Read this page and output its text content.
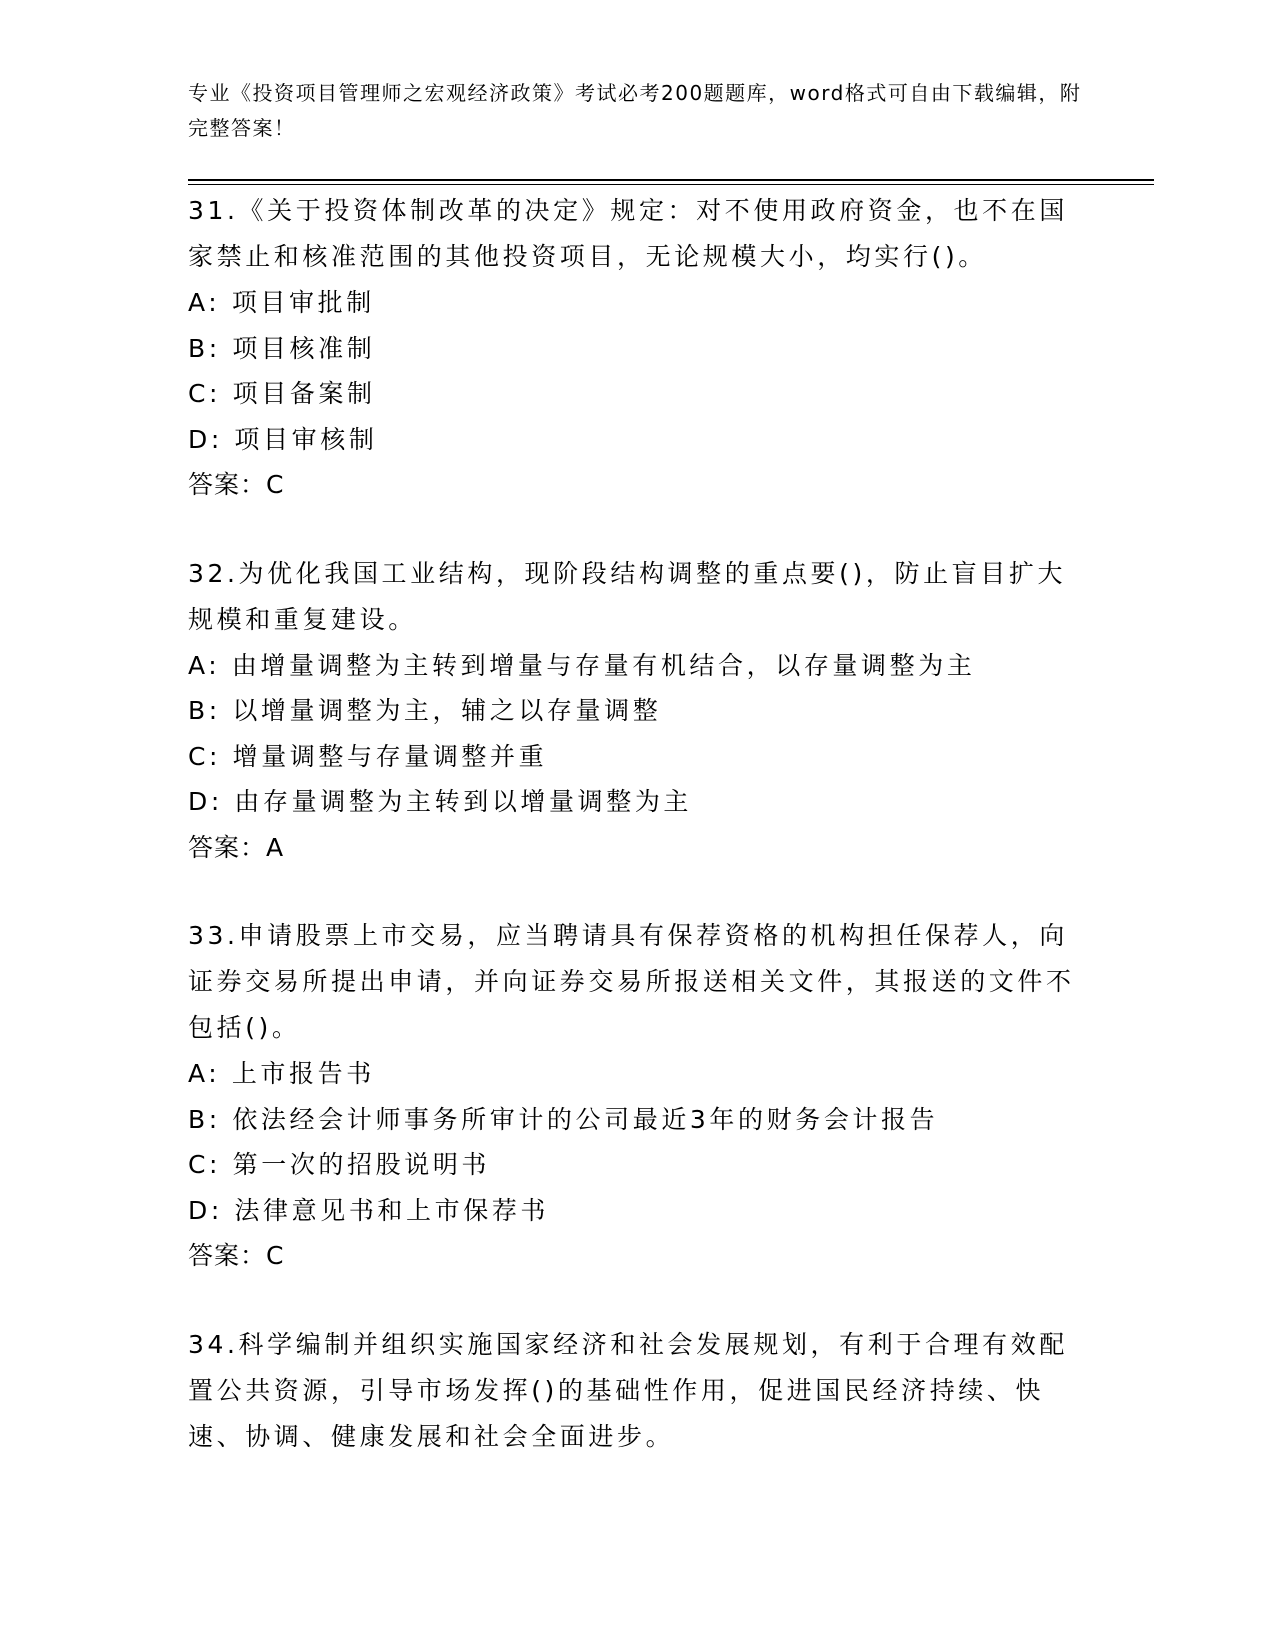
专业《投资项目管理师之宏观经济政策》考试必考200题题库，word格式可自由下载编辑，附完整答案！

31.《关于投资体制改革的决定》规定：对不使用政府资金，也不在国家禁止和核准范围的其他投资项目，无论规模大小，均实行()。

A: 项目审批制

B: 项目核准制

C: 项目备案制

D: 项目审核制

答案：C

32.为优化我国工业结构，现阶段结构调整的重点要()，防止盲目扩大规模和重复建设。

A: 由增量调整为主转到增量与存量有机结合，以存量调整为主

B: 以增量调整为主，辅之以存量调整

C: 增量调整与存量调整并重

D: 由存量调整为主转到以增量调整为主

答案：A

33.申请股票上市交易，应当聘请具有保荐资格的机构担任保荐人，向证券交易所提出申请，并向证券交易所报送相关文件，其报送的文件不包括()。

A: 上市报告书

B: 依法经会计师事务所审计的公司最近3年的财务会计报告

C: 第一次的招股说明书

D: 法律意见书和上市保荐书

答案：C

34.科学编制并组织实施国家经济和社会发展规划，有利于合理有效配置公共资源，引导市场发挥()的基础性作用，促进国民经济持续、快速、协调、健康发展和社会全面进步。
